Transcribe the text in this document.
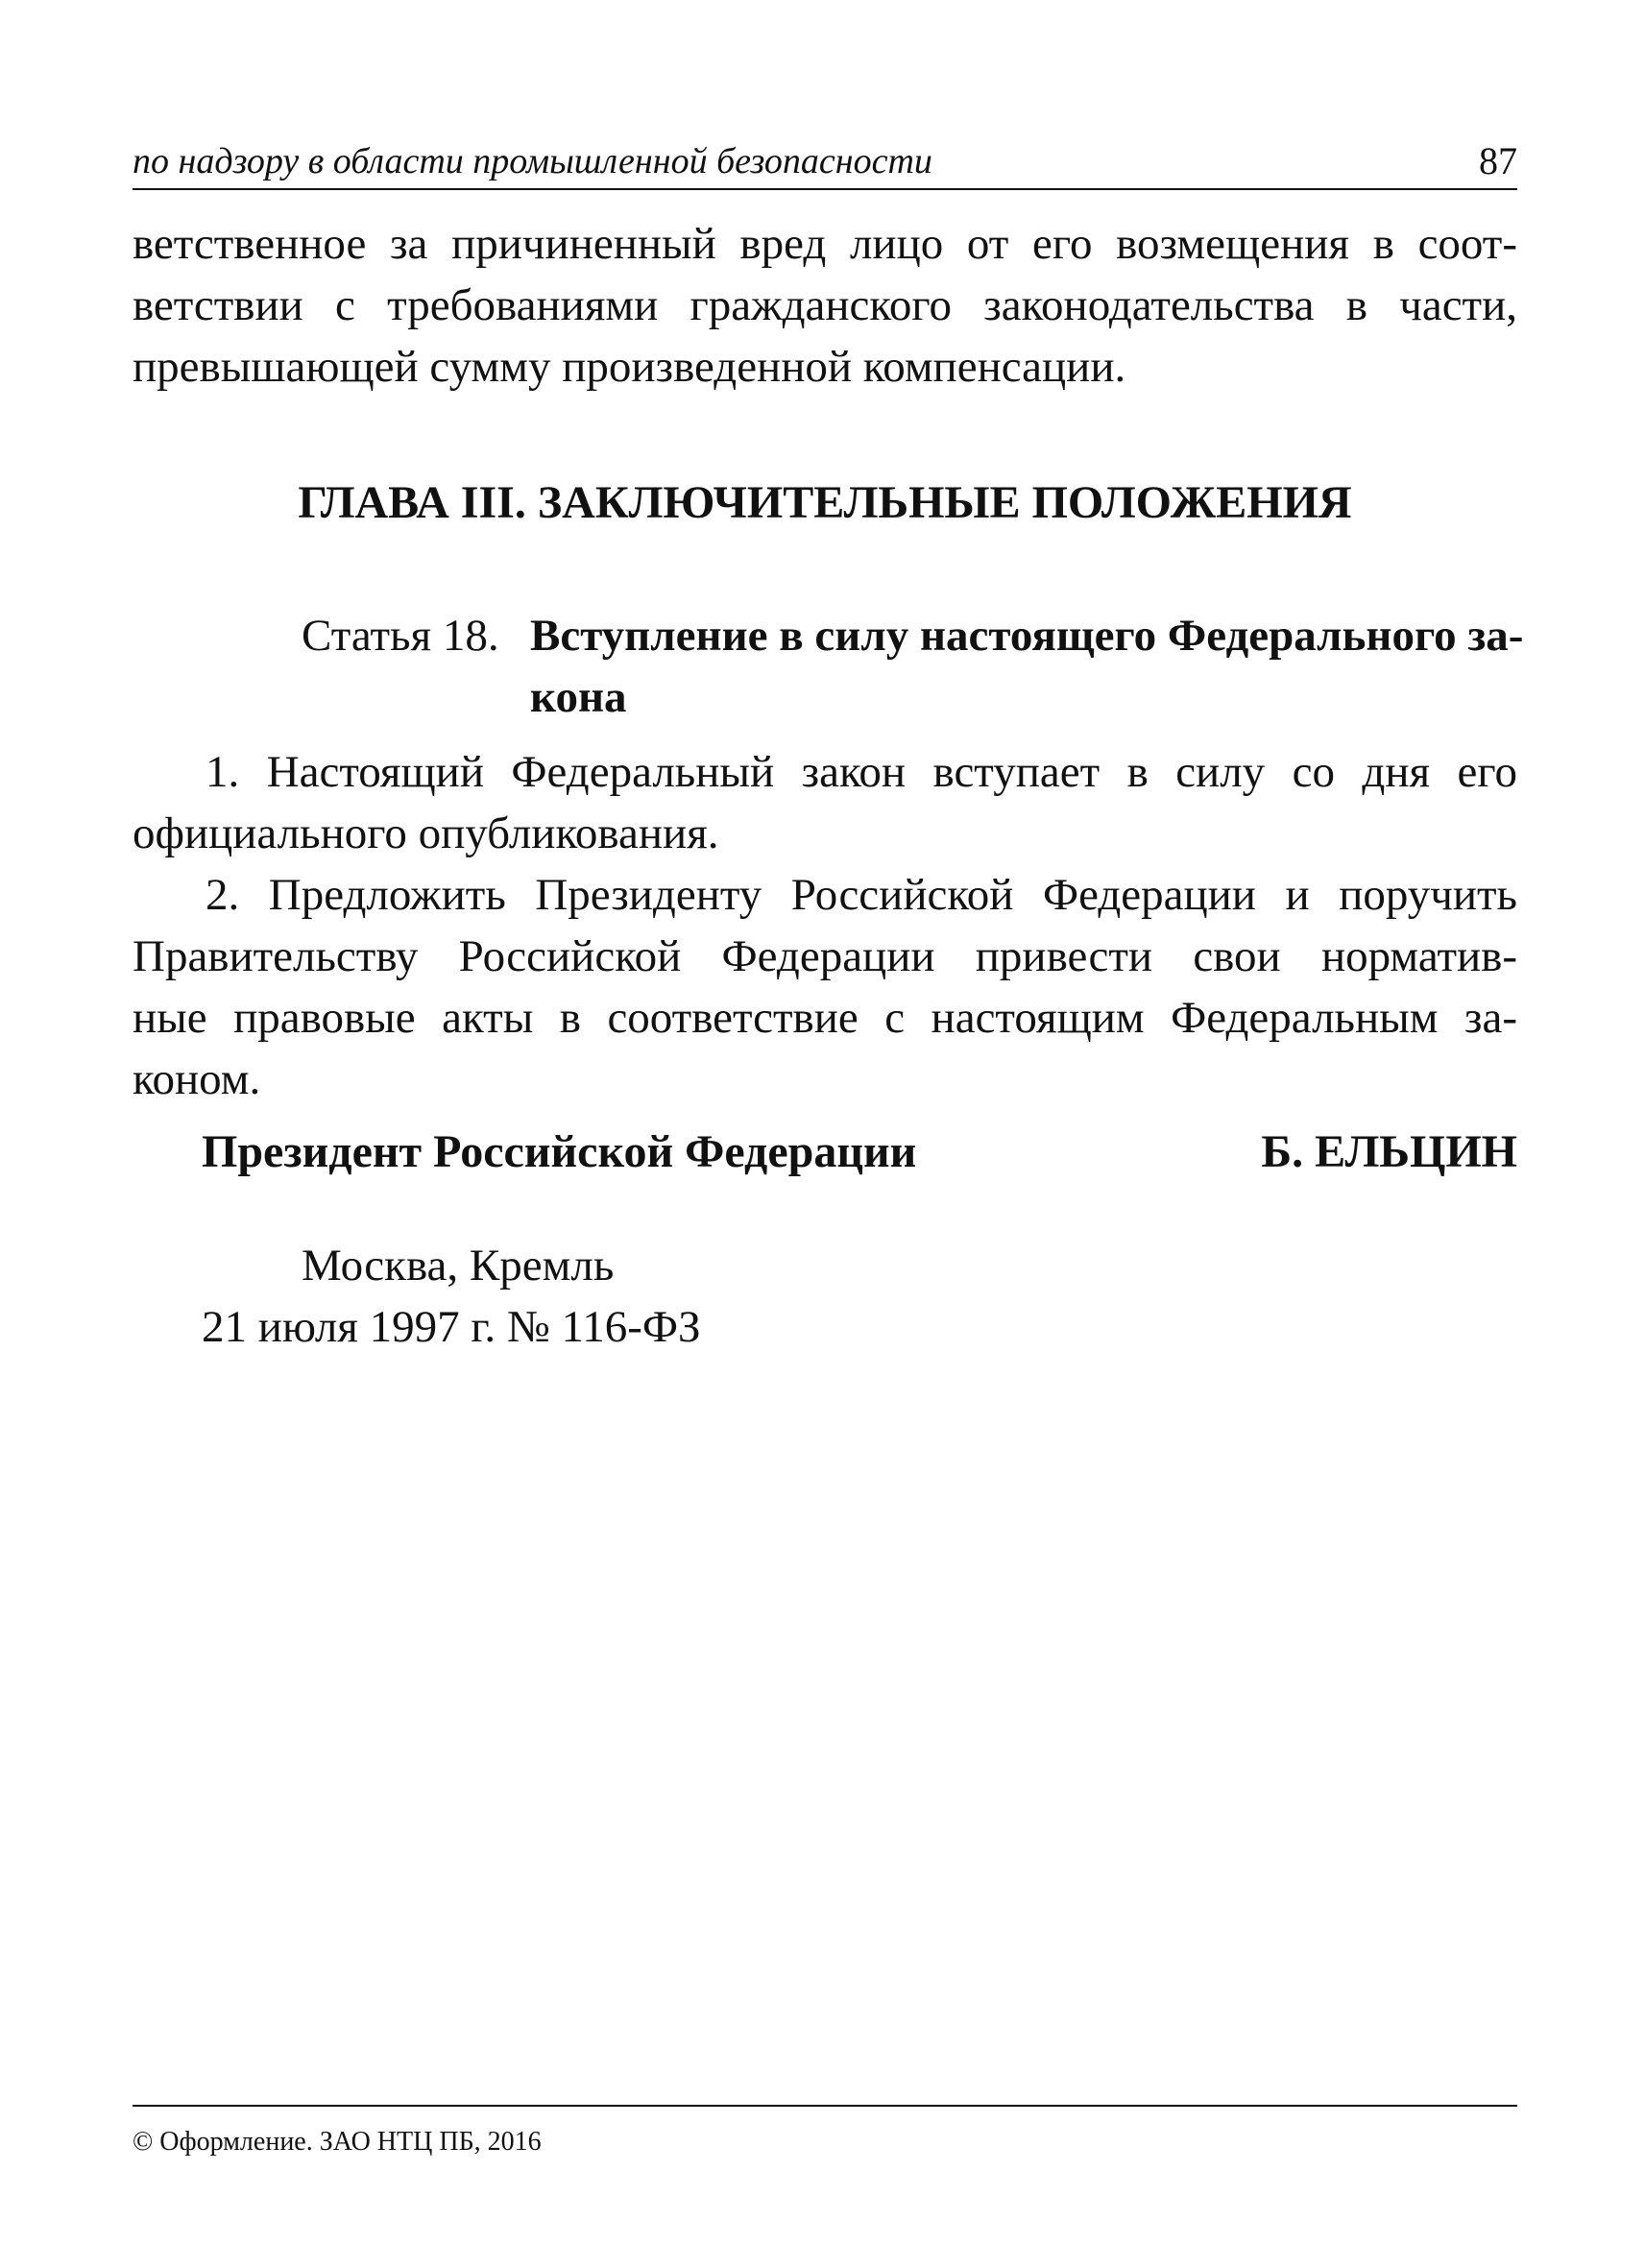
по надзору в области промышленной безопасности	87
ветственное за причиненный вред лицо от его возмещения в соот-
ветствии с требованиями гражданского законодательства в части,
превышающей сумму произведенной компенсации.
ГЛАВА III. ЗАКЛЮЧИТЕЛЬНЫЕ ПОЛОЖЕНИЯ
Статья 18. Вступление в силу настоящего Федерального за-
кона
1. Настоящий Федеральный закон вступает в силу со дня его
официального опубликования.
2. Предложить Президенту Российской Федерации и поручить
Правительству Российской Федерации привести свои норматив-
ные правовые акты в соответствие с настоящим Федеральным за-
коном.
Президент Российской Федерации	Б. ЕЛЬЦИН
Москва, Кремль
21 июля 1997 г. № 116-ФЗ
© Оформление. ЗАО НТЦ ПБ, 2016
